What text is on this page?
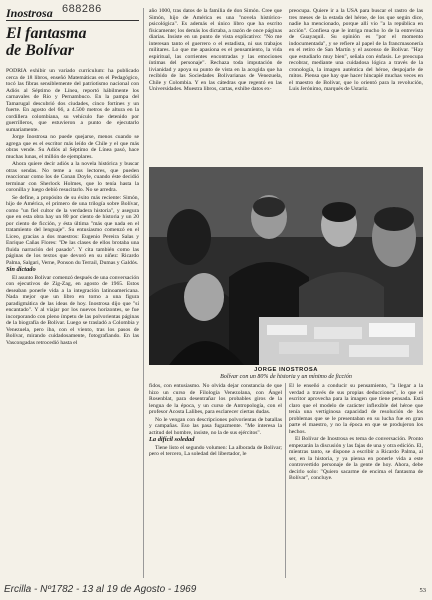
Inostrosa 688286
El fantasma
de Bolívar

PODRIA exhibir un variado currículum: ha publicado cerca de 18 libros, enseñó Matemáticas en el Pedagógico, tocó las fibras sensiblemente del patriotismo nacional con Adiós al Séptimo de Línea, reportó hábilmente los carnavales de Río y Pernambuco. En la pampa del Tamarugal descubrió dos ciudades, cinco fortines y un fuerte. En agosto del 66, a 4.500 metros de altura en la cordillera colombiana, su vehículo fue detenido por guerrilleros, que estuvieron a punto de ejecutarlo sumariamente.

Jorge Inostrosa no puede quejarse, menos cuando se agrega que es el escritor más leído de Chile y el que más obras vende. Su Adiós al Séptimo de Línea pasó, hace muchas lunas, el millón de ejemplares.

Ahora quiere decir adiós a la novela histórica y buscar otras sendas. No teme a sus lectores, que pueden reaccionar como los de Conan Doyle, cuando éste decidió terminar con Sherlock Holmes, que lo tenía hasta la coronilla y luego debió resucitarlo. No se arredra.

Se define, a propósito de su éxito más reciente: Simón, hijo de América, el primero de una trilogía sobre Bolívar, como "un fiel cultor de la verdadera historia", y asegura que en esta obra hay un 80 por ciento de historia y un 20 por ciento de ficción, y ésta última "más que nada en el tratamiento del lenguaje". Su entusiasmo comenzó en el Liceo, gracias a dos maestros: Eugenio Pereira Salas y Enrique Cañas Flores: "De las clases de ellos brotaba una fluida narración del pasado". Y cita también como las páginas de los textos que devoró en su niñez: Ricardo Palma, Salgari, Verne, Ponson du Terrail, Dumas y Galdós.

Sin dictado

El asunto Bolívar comenzó después de una conversación con ejecutivos de Zig-Zag, en agosto de 1965. Estos deseaban ponerle vida a la integración latinoamericana. Nada mejor que un libro en torno a una figura paradigmática de las ideas de hoy. Inostrosa dijo que "sí encantado". Y al viajar por los nuevos horizontes, se fue incorporando con pleno ímpetu de las polvorientas páginas de la biografía de Bolívar. Luego se trasladó a Colombia y Venezuela, pero iba, con el viento, tras los pasos de Bolívar, mirando cuidadosamente, fotografiando. En las Vascongadas retrocedió hasta el

año 1000, tras datos de la familia de don Simón. Cree que Simón, hijo de América es una "novela histórico-psicológica". Es además el único libro que ha escrito físicamente; los demás los dictaba, a razón de once páginas diarias. Insiste en un punto de vista explicativo: "No me interesan tanto el guerrero o el estadista, ni sus trabajos militares. Lo que me apasiona es el pensamiento, la vida espiritual, las corrientes encontradas y las emociones íntimas del personaje". Rechaza toda imputación de livianidad y apoya su punto de vista en la acogida que ha recibido de las Sociedades Bolivarianas de Venezuela, Chile y Colombia. Y en las cátedras que regentó en las Universidades. Muestra libros, cartas, exhibe datos ex-

preocupa. Quiere ir a la USA para buscar el rastro de las tres meses de la estada del héroe, de los que según dice, nadie ha mencionado, porque allí vio "a la república en acción". Confiesa que le intriga mucho lo de la entrevista de Guayaquil. Su opinión es "por el momento indocumentada", y se refiere al papel de la francmasonería en el retiro de San Martín y el ascenso de Bolívar. "Hay que estudiarlo muy bien", señala con énfasis. Le preocupa recobrar, mediante una cuidadosa lógica a través de la cronología, la imagen auténtica del héroe, despojarle de mitos. Piensa que hay que hacer hincapié muchas veces en el maestro de Bolívar, que lo orientó para la revolución, Luis Jerónimo, marqués de Ustariz.

JORGE INOSTROSA
Bolívar con un 80% de historia y un mínimo de ficción

fidos, con entusiasmo. No olvida dejar constancia de que hizo un curso de Filología Venezolana, con Ángel Rosenblat, para desentrañar los probables giros de la lengua de la época, y un curso de Antropología, con el profesor Acosta Lalibes, para esclarecer ciertas dudas.

No le vengan con descripciones polvorientas de batallas y campañas. Eso las pasa fugazmente. "Me interesa la actitud del hombre, insiste, no la de sus ejércitos".

La difícil soledad

Tiene listo el segundo volumen: La alborada de Bolívar; pero el tercero, La soledad del libertador, le

El le enseñó a conducir su pensamiento, "a llegar a la verdad a través de sus propias deducciones", lo que el escritor aprovecha para la imagen que tiene pensada. Está claro que el modelo de carácter inflexible del héroe que tenía una vertiginosa capacidad de resolución de los problemas que se le presentaban en su lucha fue en gran parte el maestro, y no la época en que se produjeron los hechos.

El Bolívar de Inostrosa es tema de conversación. Pronto empezarán la discusión y las fajas de una y otra edición. El, mientras tanto, se dispone a escribir a Ricardo Palma, al ser, en la historia, y ya piensa en ponerle vida a este controvertido personaje de la gente de hoy. Ahora, debe decirlo solo: "Quiero sacarme de encima el fantasma de Bolívar", concluye.

Ercilla - Nº1782 - 13 al 19 de Agosto - 1969	53
